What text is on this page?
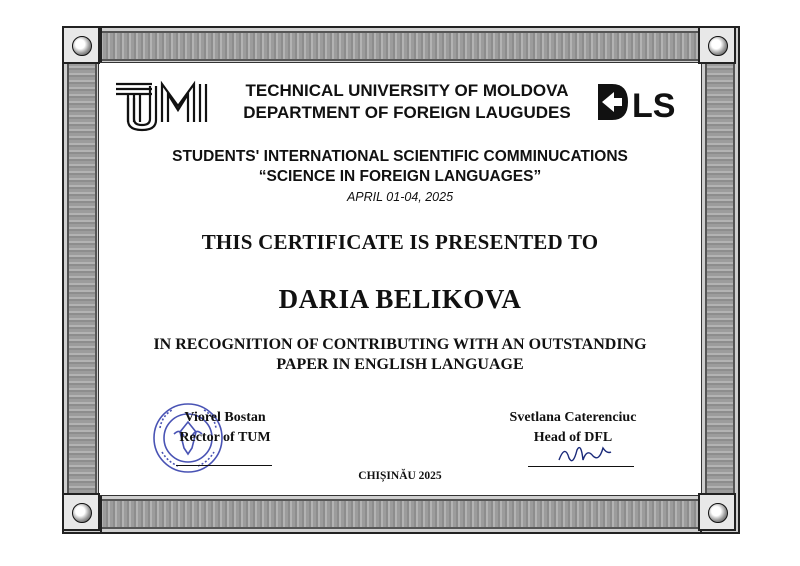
TECHNICAL UNIVERSITY OF MOLDOVA
DEPARTMENT OF FOREIGN LAUGUDES	LS
STUDENTS' INTERNATIONAL SCIENTIFIC COMMINUCATIONS
“SCIENCE IN FOREIGN LANGUAGES”
APRIL 01-04, 2025
THIS CERTIFICATE IS PRESENTED TO
DARIA BELIKOVA
IN RECOGNITION OF CONTRIBUTING WITH AN OUTSTANDING
PAPER IN ENGLISH LANGUAGE
Viorel Bostan
Rector of TUM
Svetlana Caterenciuc
Head of DFL
CHIȘINĂU 2025
